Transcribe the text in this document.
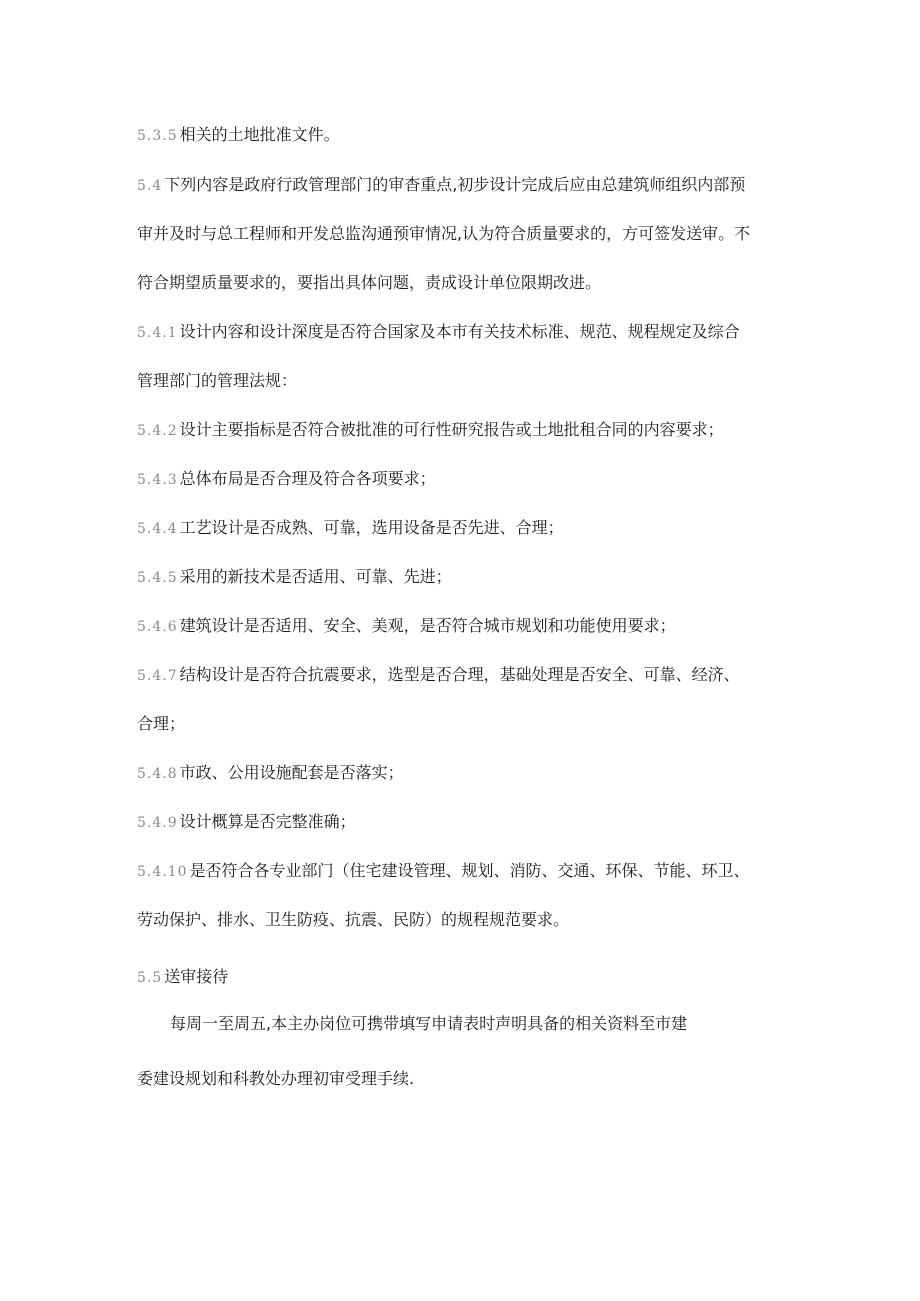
5.3.5 相关的土地批准文件。
5.4 下列内容是政府行政管理部门的审杳重点,初步设计完成后应由总建筑师组织内部预
审并及时与总工程师和开发总监沟通预审情况,认为符合质量要求的，方可签发送审。不
符合期望质量要求的，要指出具体问题，责成设计单位限期改进。
5.4.1 设计内容和设计深度是否符合国家及本市有关技术标准、规范、规程规定及综合
管理部门的管理法规：
5.4.2 设计主要指标是否符合被批准的可行性研究报告或土地批租合同的内容要求；
5.4.3 总体布局是否合理及符合各项要求；
5.4.4 工艺设计是否成熟、可靠，选用设备是否先进、合理；
5.4.5 采用的新技术是否适用、可靠、先进；
5.4.6 建筑设计是否适用、安全、美观，是否符合城市规划和功能使用要求；
5.4.7 结构设计是否符合抗震要求，选型是否合理，基础处理是否安全、可靠、经济、
合理；
5.4.8 市政、公用设施配套是否落实；
5.4.9 设计概算是否完整准确；
5.4.10 是否符合各专业部门（住宅建设管理、规划、消防、交通、环保、节能、环卫、
劳动保护、排水、卫生防疫、抗震、民防）的规程规范要求。
5.5 送审接待
每周一至周五,本主办岗位可携带填写申请表时声明具备的相关资料至市建
委建设规划和科教处办理初审受理手续.
